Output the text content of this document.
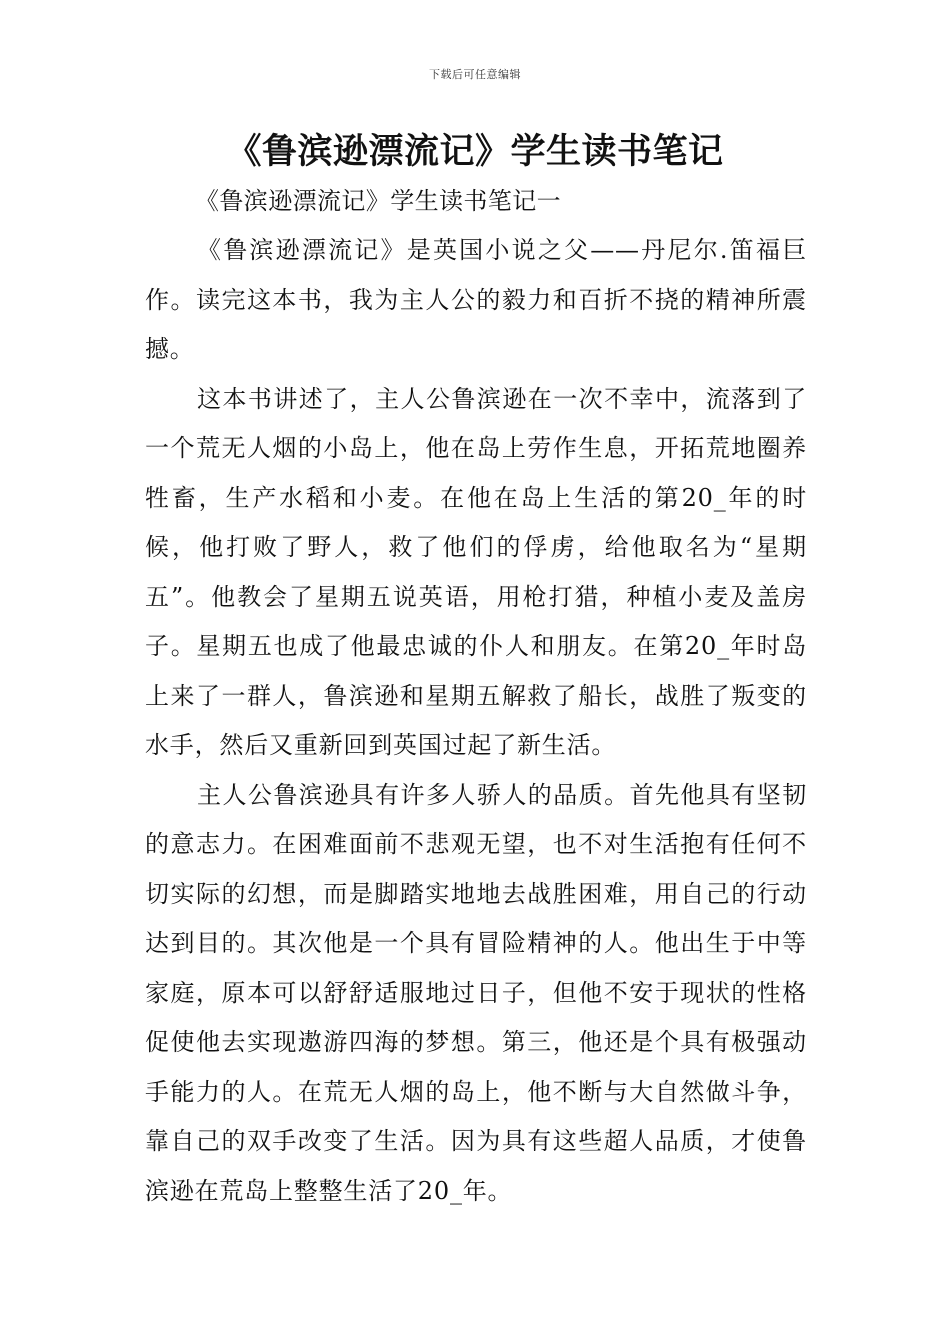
下载后可任意编辑
《鲁滨逊漂流记》学生读书笔记

《鲁滨逊漂流记》学生读书笔记一

《鲁滨逊漂流记》是英国小说之父——丹尼尔.笛福巨作。读完这本书，我为主人公的毅力和百折不挠的精神所震撼。

这本书讲述了，主人公鲁滨逊在一次不幸中，流落到了一个荒无人烟的小岛上，他在岛上劳作生息，开拓荒地圈养牲畜，生产水稻和小麦。在他在岛上生活的第20_年的时候，他打败了野人，救了他们的俘虏，给他取名为“星期五”。他教会了星期五说英语，用枪打猎，种植小麦及盖房子。星期五也成了他最忠诚的仆人和朋友。在第20_年时岛上来了一群人，鲁滨逊和星期五解救了船长，战胜了叛变的水手，然后又重新回到英国过起了新生活。

主人公鲁滨逊具有许多人骄人的品质。首先他具有坚韧的意志力。在困难面前不悲观无望，也不对生活抱有任何不切实际的幻想，而是脚踏实地地去战胜困难，用自己的行动达到目的。其次他是一个具有冒险精神的人。他出生于中等家庭，原本可以舒舒适服地过日子，但他不安于现状的性格促使他去实现遨游四海的梦想。第三，他还是个具有极强动手能力的人。在荒无人烟的岛上，他不断与大自然做斗争，靠自己的双手改变了生活。因为具有这些超人品质，才使鲁滨逊在荒岛上整整生活了20_年。
